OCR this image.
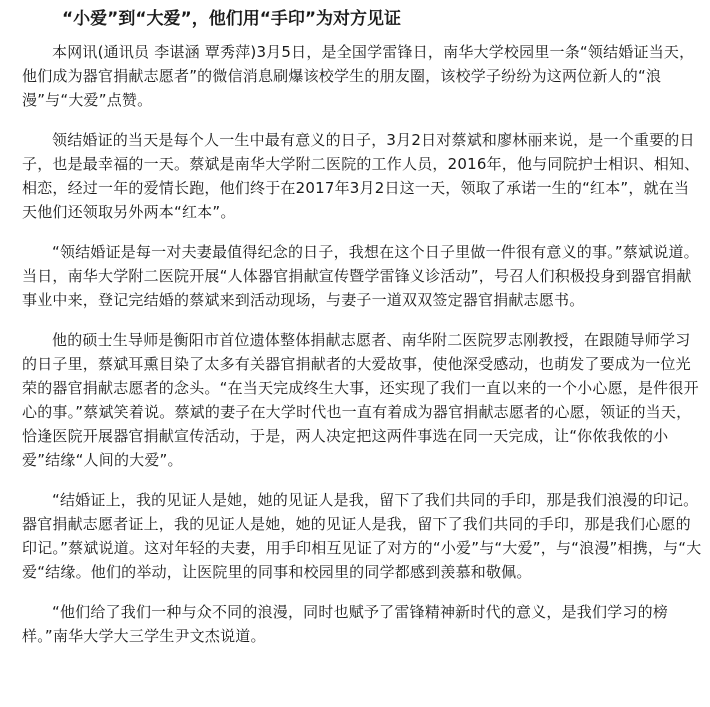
“小爱”到“大爱”，他们用“手印”为对方见证

本网讯(通讯员 李谌涵 覃秀萍)3月5日，是全国学雷锋日，南华大学校园里一条“领结婚证当天，他们成为器官捐献志愿者”的微信消息刷爆该校学生的朋友圈，该校学子纷纷为这两位新人的“浪漫”与“大爱”点赞。

领结婚证的当天是每个人一生中最有意义的日子，3月2日对蔡斌和廖林丽来说，是一个重要的日子，也是最幸福的一天。蔡斌是南华大学附二医院的工作人员，2016年，他与同院护士相识、相知、相恋，经过一年的爱情长跑，他们终于在2017年3月2日这一天，领取了承诺一生的“红本”，就在当天他们还领取另外两本“红本”。

“领结婚证是每一对夫妻最值得纪念的日子，我想在这个日子里做一件很有意义的事。”蔡斌说道。当日，南华大学附二医院开展“人体器官捐献宣传暨学雷锋义诊活动”，号召人们积极投身到器官捐献事业中来，登记完结婚的蔡斌来到活动现场，与妻子一道双双签定器官捐献志愿书。

他的硕士生导师是衡阳市首位遗体整体捐献志愿者、南华附二医院罗志刚教授，在跟随导师学习的日子里，蔡斌耳熏目染了太多有关器官捐献者的大爱故事，使他深受感动，也萌发了要成为一位光荣的器官捐献志愿者的念头。“在当天完成终生大事，还实现了我们一直以来的一个小心愿，是件很开心的事。”蔡斌笑着说。蔡斌的妻子在大学时代也一直有着成为器官捐献志愿者的心愿，领证的当天，恰逢医院开展器官捐献宣传活动，于是，两人决定把这两件事选在同一天完成，让“你侬我侬的小爱”结缘“人间的大爱”。

“结婚证上，我的见证人是她，她的见证人是我，留下了我们共同的手印，那是我们浪漫的印记。器官捐献志愿者证上，我的见证人是她，她的见证人是我，留下了我们共同的手印，那是我们心愿的印记。”蔡斌说道。这对年轻的夫妻，用手印相互见证了对方的“小爱”与“大爱”，与“浪漫”相携，与“大爱“结缘。他们的举动，让医院里的同事和校园里的同学都感到羡慕和敬佩。

“他们给了我们一种与众不同的浪漫，同时也赋予了雷锋精神新时代的意义，是我们学习的榜样。”南华大学大三学生尹文杰说道。
